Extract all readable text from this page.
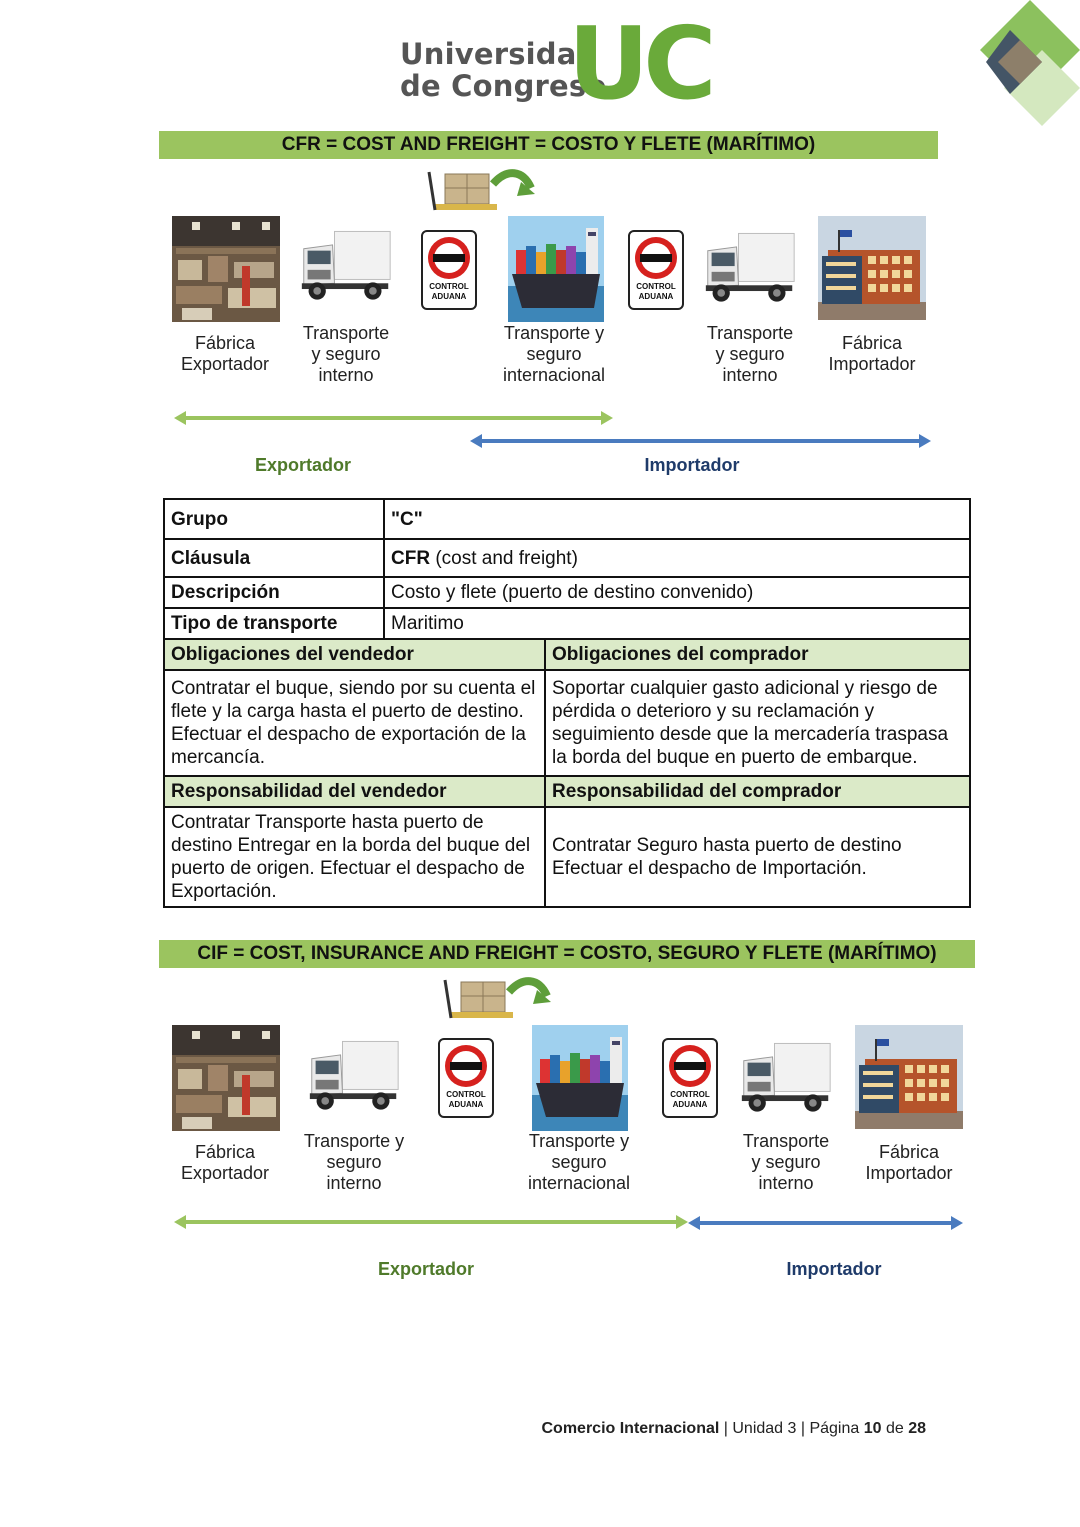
Universidad
de Congreso
UC
CFR = COST AND FREIGHT = COSTO Y FLETE (MARÍTIMO)
CONTROL
ADUANA
CONTROL
ADUANA
Fábrica
Exportador
Transporte
y seguro
interno
Transporte y
seguro
internacional
Transporte
y seguro
interno
Fábrica
Importador
Exportador	Importador
Grupo	"C"	
Cláusula	CFR (cost and freight)	
Descripción	Costo y flete (puerto de destino convenido)	
Tipo de transporte	Maritimo	
Obligaciones del vendedor		Obligaciones del comprador
Contratar el buque, siendo por su cuenta el flete y la carga hasta el puerto de destino.
Efectuar el despacho de exportación de la mercancía.		Soportar cualquier gasto adicional y riesgo de pérdida o deterioro y su reclamación y seguimiento desde que la mercadería traspasa la borda del buque en puerto de embarque.
Responsabilidad del vendedor		Responsabilidad del comprador
Contratar Transporte hasta puerto de destino Entregar en la borda del buque del puerto de origen. Efectuar el despacho de Exportación.		Contratar Seguro hasta puerto de destino Efectuar el despacho de Importación.
CIF = COST, INSURANCE AND FREIGHT = COSTO, SEGURO Y FLETE (MARÍTIMO)
CONTROL
ADUANA
CONTROL
ADUANA
Fábrica
Exportador
Transporte y
seguro
interno
Transporte y
seguro
internacional
Transporte
y seguro
interno
Fábrica
Importador
Exportador	Importador
Comercio Internacional | Unidad 3 | Página 10 de 28
